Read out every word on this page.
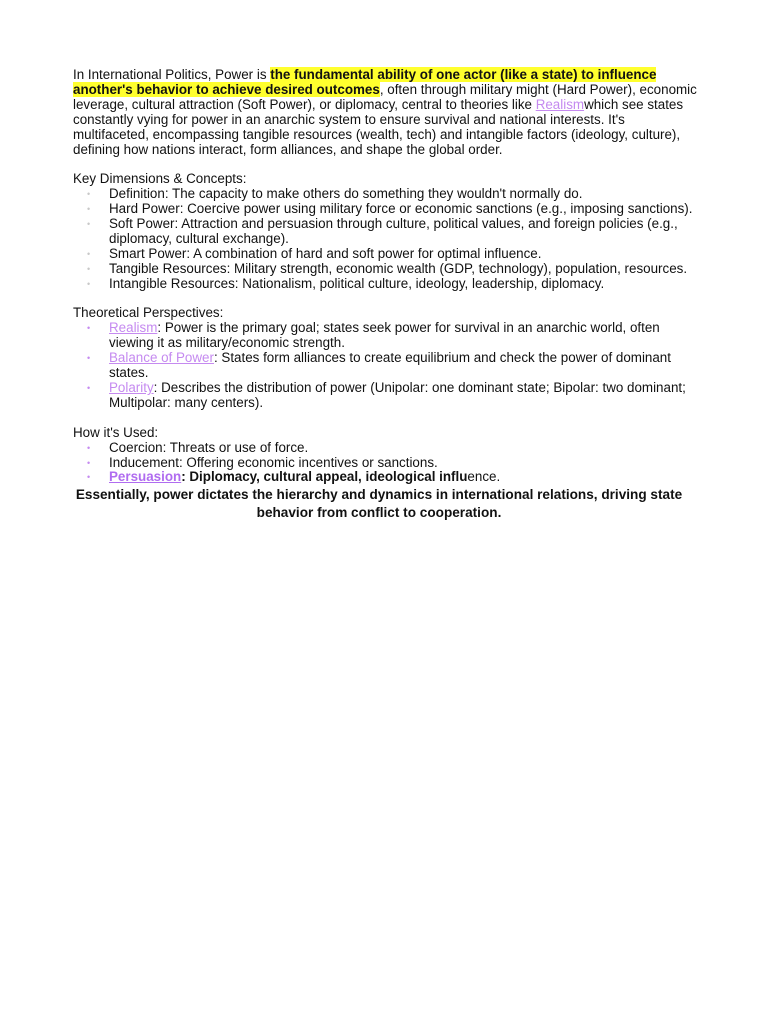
In International Politics, Power is the fundamental ability of one actor (like a state) to influence another's behavior to achieve desired outcomes, often through military might (Hard Power), economic leverage, cultural attraction (Soft Power), or diplomacy, central to theories like Realismwhich see states constantly vying for power in an anarchic system to ensure survival and national interests. It's multifaceted, encompassing tangible resources (wealth, tech) and intangible factors (ideology, culture), defining how nations interact, form alliances, and shape the global order.

Key Dimensions & Concepts:

• Definition: The capacity to make others do something they wouldn't normally do.
• Hard Power: Coercive power using military force or economic sanctions (e.g., imposing sanctions).
• Soft Power: Attraction and persuasion through culture, political values, and foreign policies (e.g., diplomacy, cultural exchange).
• Smart Power: A combination of hard and soft power for optimal influence.
• Tangible Resources: Military strength, economic wealth (GDP, technology), population, resources.
• Intangible Resources: Nationalism, political culture, ideology, leadership, diplomacy.

Theoretical Perspectives:

• Realism: Power is the primary goal; states seek power for survival in an anarchic world, often viewing it as military/economic strength.
• Balance of Power: States form alliances to create equilibrium and check the power of dominant states.
• Polarity: Describes the distribution of power (Unipolar: one dominant state; Bipolar: two dominant; Multipolar: many centers).

How it's Used:

• Coercion: Threats or use of force.
• Inducement: Offering economic incentives or sanctions.
• Persuasion: Diplomacy, cultural appeal, ideological influence.

Essentially, power dictates the hierarchy and dynamics in international relations, driving state behavior from conflict to cooperation.
